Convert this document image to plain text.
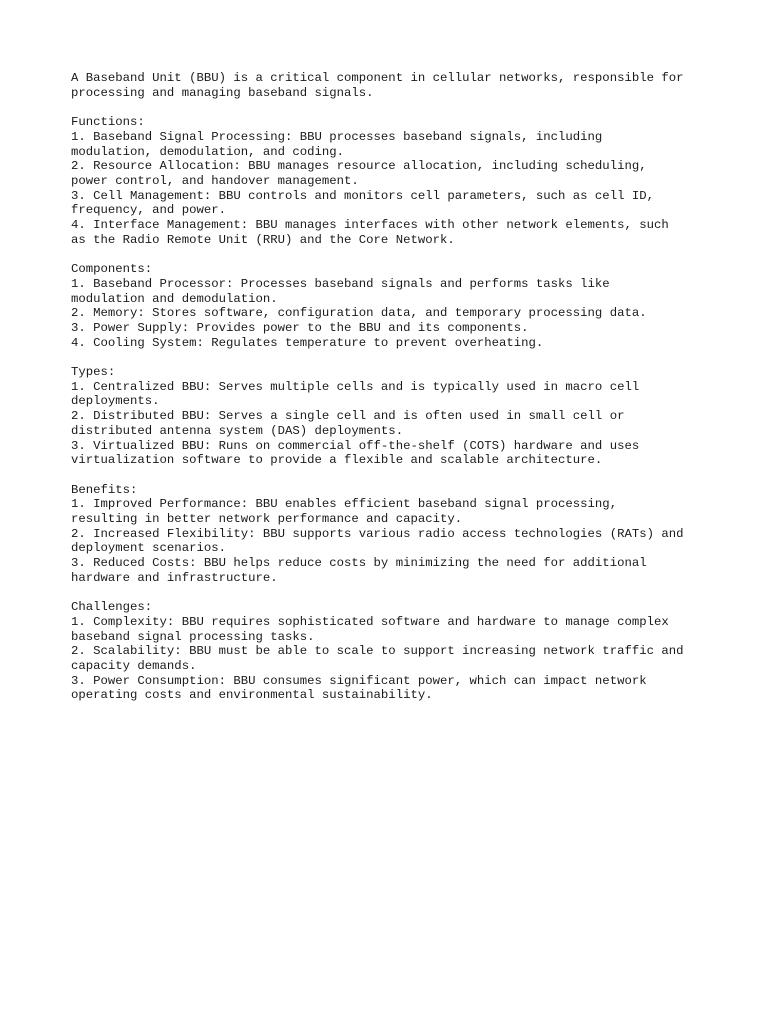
A Baseband Unit (BBU) is a critical component in cellular networks, responsible for
processing and managing baseband signals.
Functions:
1. Baseband Signal Processing: BBU processes baseband signals, including
modulation, demodulation, and coding.
2. Resource Allocation: BBU manages resource allocation, including scheduling,
power control, and handover management.
3. Cell Management: BBU controls and monitors cell parameters, such as cell ID,
frequency, and power.
4. Interface Management: BBU manages interfaces with other network elements, such
as the Radio Remote Unit (RRU) and the Core Network.
Components:
1. Baseband Processor: Processes baseband signals and performs tasks like
modulation and demodulation.
2. Memory: Stores software, configuration data, and temporary processing data.
3. Power Supply: Provides power to the BBU and its components.
4. Cooling System: Regulates temperature to prevent overheating.
Types:
1. Centralized BBU: Serves multiple cells and is typically used in macro cell
deployments.
2. Distributed BBU: Serves a single cell and is often used in small cell or
distributed antenna system (DAS) deployments.
3. Virtualized BBU: Runs on commercial off-the-shelf (COTS) hardware and uses
virtualization software to provide a flexible and scalable architecture.
Benefits:
1. Improved Performance: BBU enables efficient baseband signal processing,
resulting in better network performance and capacity.
2. Increased Flexibility: BBU supports various radio access technologies (RATs) and
deployment scenarios.
3. Reduced Costs: BBU helps reduce costs by minimizing the need for additional
hardware and infrastructure.
Challenges:
1. Complexity: BBU requires sophisticated software and hardware to manage complex
baseband signal processing tasks.
2. Scalability: BBU must be able to scale to support increasing network traffic and
capacity demands.
3. Power Consumption: BBU consumes significant power, which can impact network
operating costs and environmental sustainability.
